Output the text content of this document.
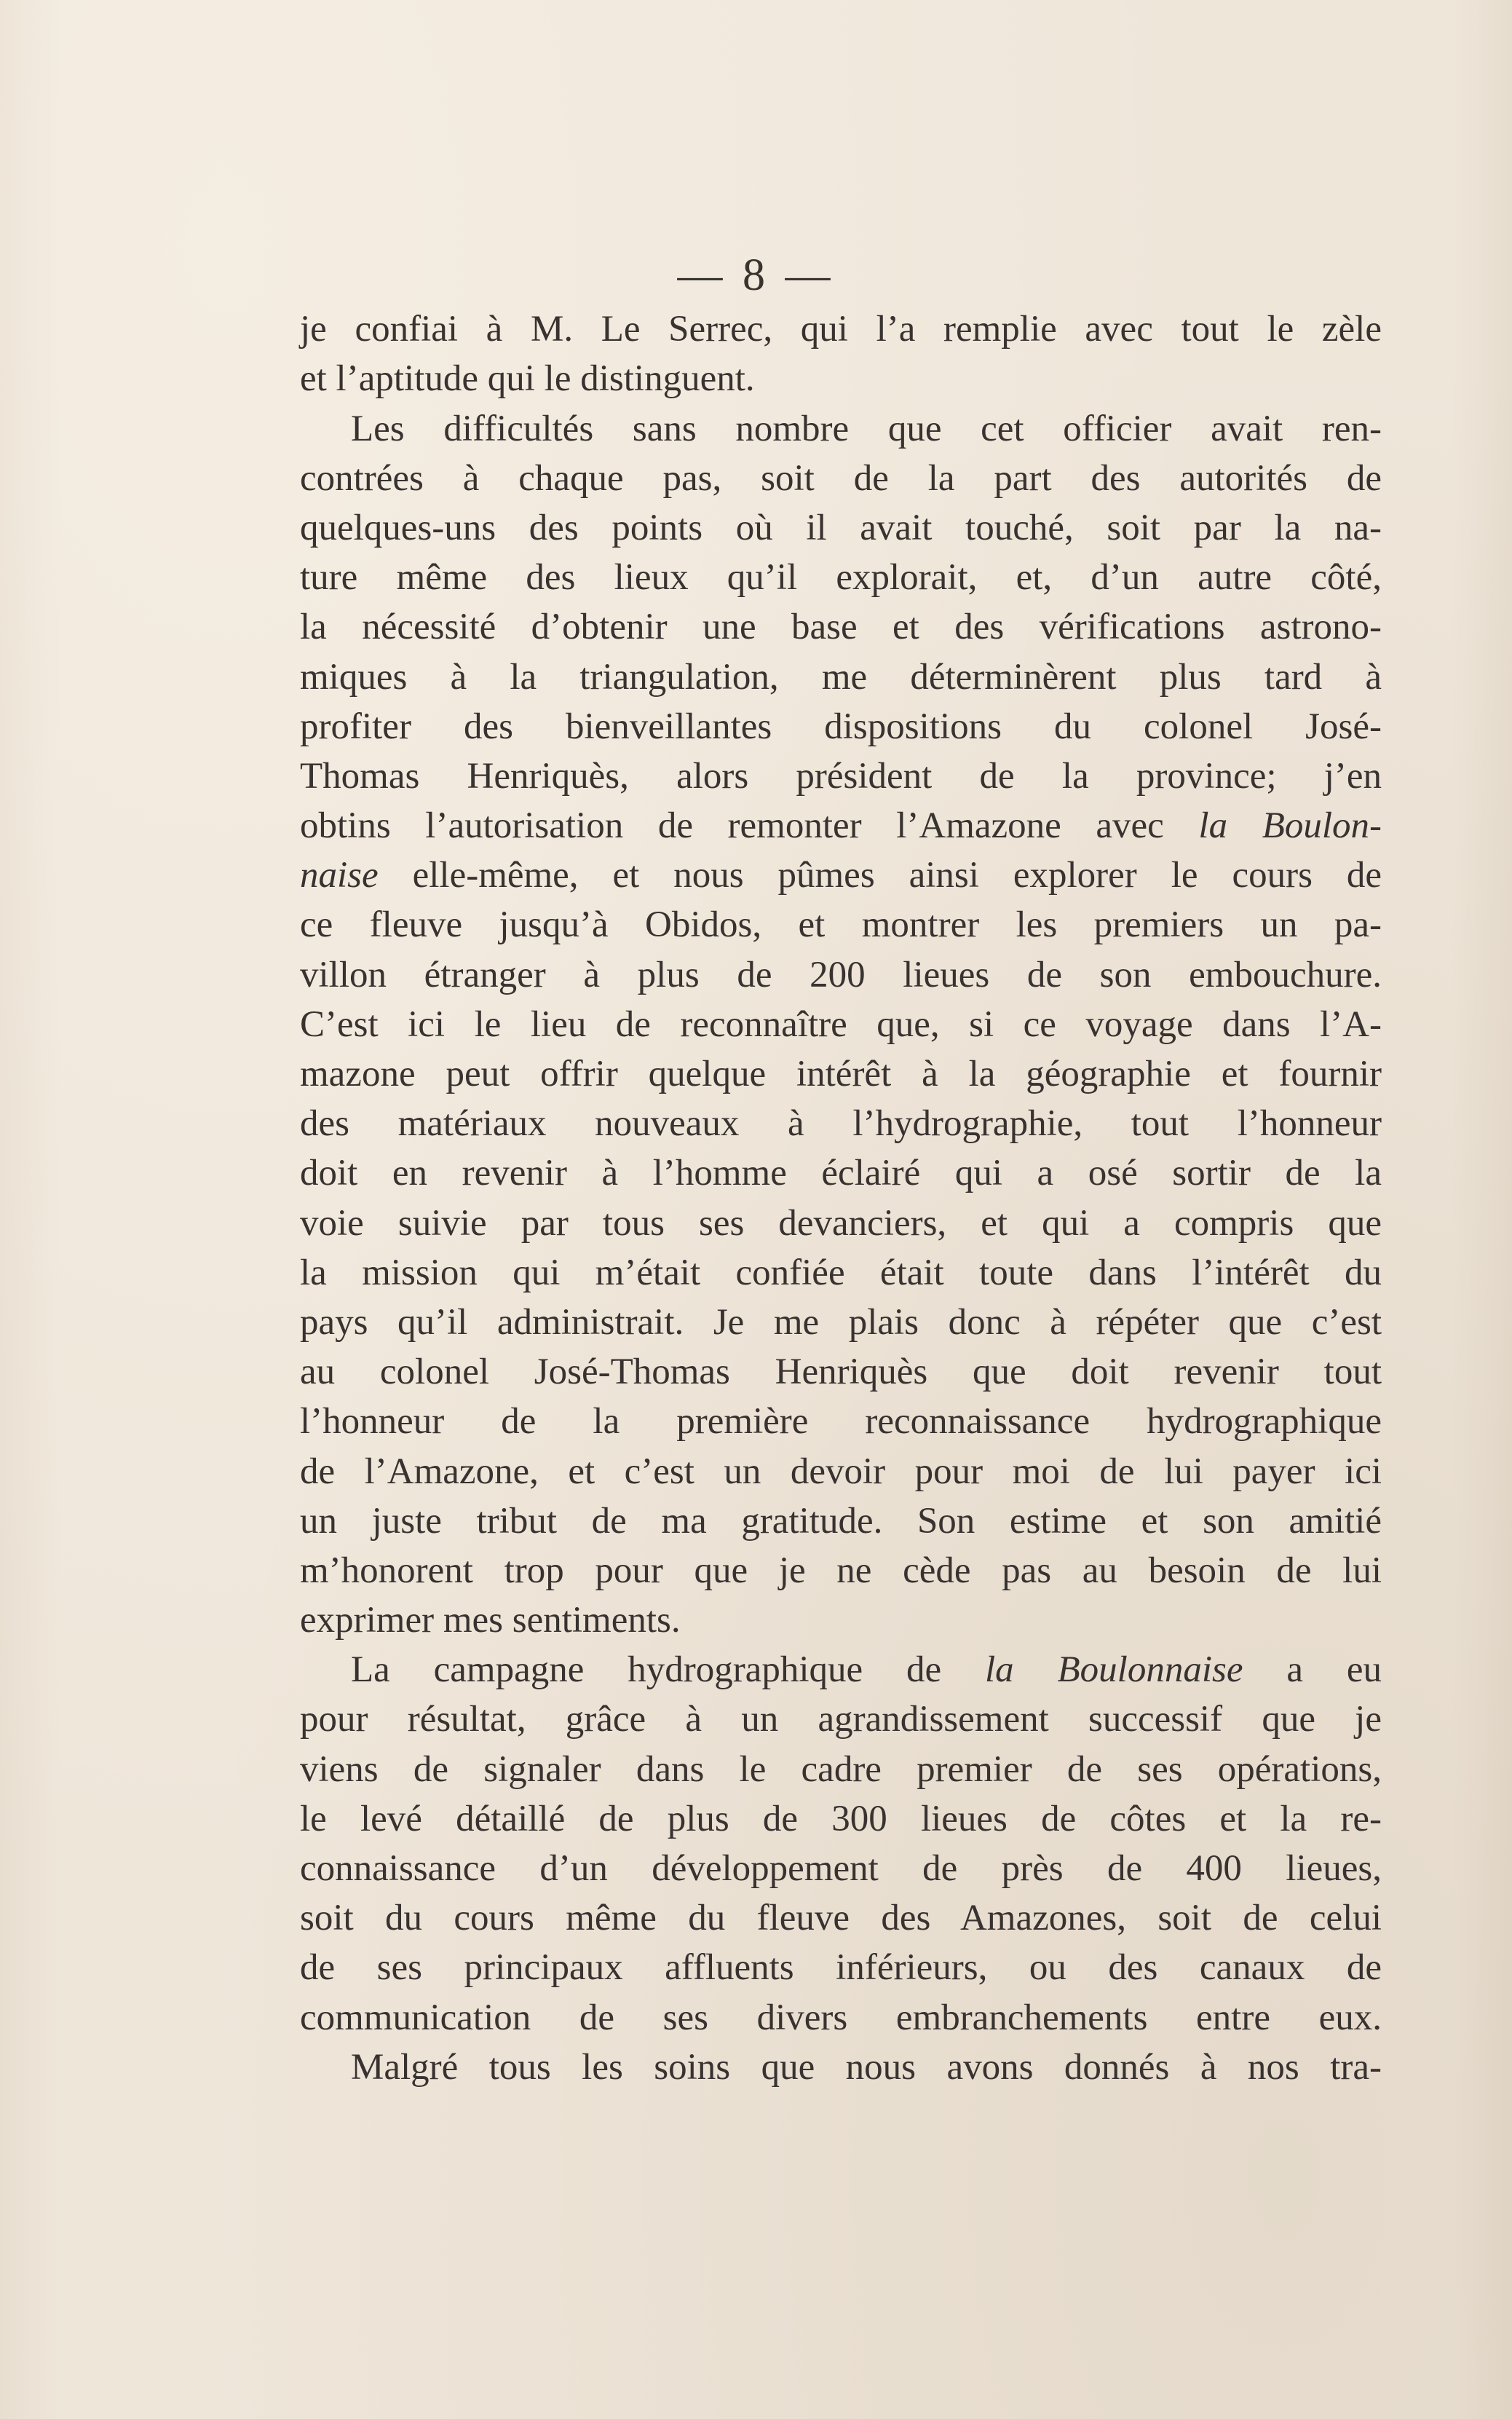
— 8 —
je confiai à M. Le Serrec, qui l’a remplie avec tout le zèle
et l’aptitude qui le distinguent.
Les difficultés sans nombre que cet officier avait ren-
contrées à chaque pas, soit de la part des autorités de
quelques-uns des points où il avait touché, soit par la na-
ture même des lieux qu’il explorait, et, d’un autre côté,
la nécessité d’obtenir une base et des vérifications astrono-
miques à la triangulation, me déterminèrent plus tard à
profiter des bienveillantes dispositions du colonel José-
Thomas Henriquès, alors président de la province; j’en
obtins l’autorisation de remonter l’Amazone avec la Boulon-
naise elle-même, et nous pûmes ainsi explorer le cours de
ce fleuve jusqu’à Obidos, et montrer les premiers un pa-
villon étranger à plus de 200 lieues de son embouchure.
C’est ici le lieu de reconnaître que, si ce voyage dans l’A-
mazone peut offrir quelque intérêt à la géographie et fournir
des matériaux nouveaux à l’hydrographie, tout l’honneur
doit en revenir à l’homme éclairé qui a osé sortir de la
voie suivie par tous ses devanciers, et qui a compris que
la mission qui m’était confiée était toute dans l’intérêt du
pays qu’il administrait. Je me plais donc à répéter que c’est
au colonel José-Thomas Henriquès que doit revenir tout
l’honneur de la première reconnaissance hydrographique
de l’Amazone, et c’est un devoir pour moi de lui payer ici
un juste tribut de ma gratitude. Son estime et son amitié
m’honorent trop pour que je ne cède pas au besoin de lui
exprimer mes sentiments.
La campagne hydrographique de la Boulonnaise a eu
pour résultat, grâce à un agrandissement successif que je
viens de signaler dans le cadre premier de ses opérations,
le levé détaillé de plus de 300 lieues de côtes et la re-
connaissance d’un développement de près de 400 lieues,
soit du cours même du fleuve des Amazones, soit de celui
de ses principaux affluents inférieurs, ou des canaux de
communication de ses divers embranchements entre eux.
Malgré tous les soins que nous avons donnés à nos tra-
